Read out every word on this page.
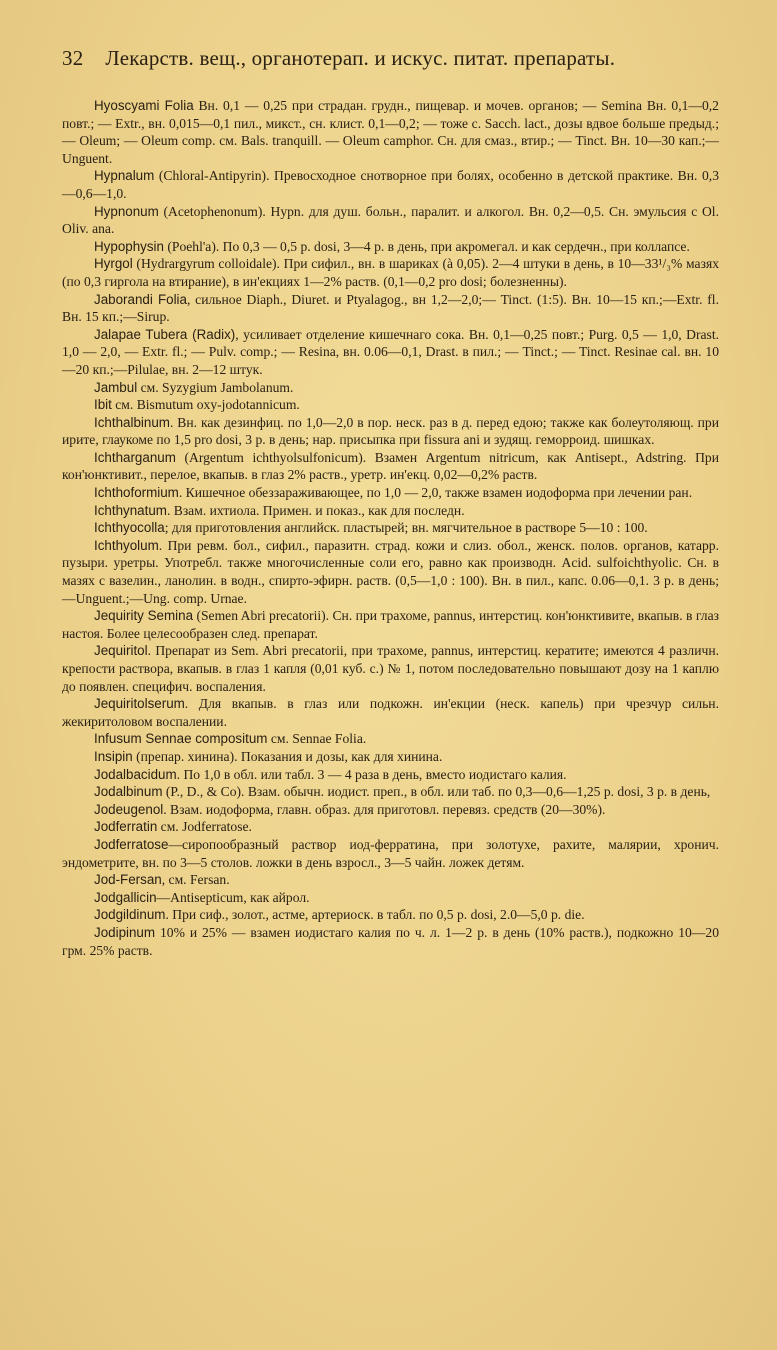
32 Лекарств. вещ., органотерап. и искус. питат. препараты.

Hyoscyami Folia Вн. 0,1 — 0,25 при страдан. грудн., пищевар. и мочев. органов; — Semina Вн. 0,1—0,2 повт.; — Extr., вн. 0,015—0,1 пил., микст., сн. клист. 0,1—0,2; — тоже с. Sacch. lact., дозы вдвое больше предыд.; — Oleum; — Oleum comp. см. Bals. tranquill. — Oleum camphor. Сн. для смаз., втир.; — Tinct. Вн. 10—30 кап.;—Unguent.

Hypnalum (Chloral-Antipyrin). Превосходное снотворное при болях, особенно в детской практике. Вн. 0,3—0,6—1,0.

Hypnonum (Acetophenonum). Hypn. для душ. больн., паралит. и алкогол. Вн. 0,2—0,5. Сн. эмульсия с Ol. Oliv. ana.

Hypophysin (Poehl'а). По 0,3 — 0,5 p. dosi, 3—4 p. в день, при акромегал. и как сердечн., при коллапсе.

Hyrgol (Hydrargyrum colloidale). При сифил., вн. в шариках (à 0,05). 2—4 штуки в день, в 10—33¹/₃% мазях (по 0,3 гиргола на втирание), в ин'екциях 1—2% раств. (0,1—0,2 pro dosi; болезненны).

Jaborandi Folia, сильное Diaph., Diuret. и Ptyalagog., вн 1,2—2,0;— Tinct. (1:5). Вн. 10—15 кп.;—Extr. fl. Вн. 15 кп.;—Sirup.

Jalapae Tubera (Radix), усиливает отделение кишечнаго сока. Вн. 0,1—0,25 повт.; Purg. 0,5 — 1,0, Drast. 1,0 — 2,0, — Extr. fl.; — Pulv. comp.; — Resina, вн. 0.06—0,1, Drast. в пил.; — Tinct.; — Tinct. Resinae cal. вн. 10—20 кп.;—Pilulae, вн. 2—12 штук.

Jambul см. Syzygium Jambolanum.

Ibit см. Bismutum oxy-jodotannicum.

Ichthalbinum. Вн. как дезинфиц. по 1,0—2,0 в пор. неск. раз в д. перед едою; также как болеутоляющ. при ирите, глаукоме по 1,5 pro dosi, 3 p. в день; нар. присыпка при fissura ani и зудящ. геморроид. шишках.

Ichtharganum (Argentum ichthyolsulfonicum). Взамен Argentum nitricum, как Antisept., Adstring. При кон'юнктивит., перелое, вкапыв. в глаз 2% раств., уретр. ин'екц. 0,02—0,2% раств.

Ichthoformium. Кишечное обеззараживающее, по 1,0 — 2,0, также взамен иодоформа при лечении ран.

Ichthynatum. Взам. ихтиола. Примен. и показ., как для последн.

Ichthyocolla; для приготовления английск. пластырей; вн. мягчительное в растворе 5—10 : 100.

Ichthyolum. При ревм. бол., сифил., паразитн. страд. кожи и слиз. обол., женск. полов. органов, катарр. пузыри. уретры. Употребл. также многочисленные соли его, равно как производн. Acid. sulfoichthyolic. Сн. в мазях с вазелин., ланолин. в водн., спирто-эфирн. раств. (0,5—1,0 : 100). Вн. в пил., капс. 0.06—0,1. 3 p. в день;—Unguent.;—Ung. comp. Urnae.

Jequirity Semina (Semen Abri precatorii). Сн. при трахоме, pannus, интерстиц. кон'юнктивите, вкапыв. в глаз настоя. Более целесообразен след. препарат.

Jequiritol. Препарат из Sem. Abri precatorii, при трахоме, pannus, интерстиц. кератите; имеются 4 различн. крепости раствора, вкапыв. в глаз 1 капля (0,01 куб. с.) № 1, потом последовательно повышают дозу на 1 каплю до появлен. специфич. воспаления.

Jequiritolserum. Для вкапыв. в глаз или подкожн. ин'екции (неск. капель) при чрезчур сильн. жекиритоловом воспалении.

Infusum Sennae compositum см. Sennae Folia.

Insipin (препар. хинина). Показания и дозы, как для хинина.

Jodalbacidum. По 1,0 в обл. или табл. 3 — 4 раза в день, вместо иодистаго калия.

Jodalbinum (P., D., & Co). Взам. обычн. иодист. преп., в обл. или таб. по 0,3—0,6—1,25 p. dosi, 3 p. в день,

Jodeugenol. Взам. иодоформа, главн. образ. для приготовл. перевяз. средств (20—30%).

Jodferratin см. Jodferratose.

Jodferratose—сиропообразный раствор иод-ферратина, при золотухе, рахите, малярии, хронич. эндометрите, вн. по 3—5 столов. ложки в день взросл., 3—5 чайн. ложек детям.

Jod-Fersan, см. Fersan.

Jodgallicin—Antisepticum, как айрол.

Jodgildinum. При сиф., золот., астме, артериоск. в табл. по 0,5 p. dosi, 2.0—5,0 p. die.

Jodipinum 10% и 25% — взамен иодистаго калия по ч. л. 1—2 p. в день (10% раств.), подкожно 10—20 грм. 25% раств.
